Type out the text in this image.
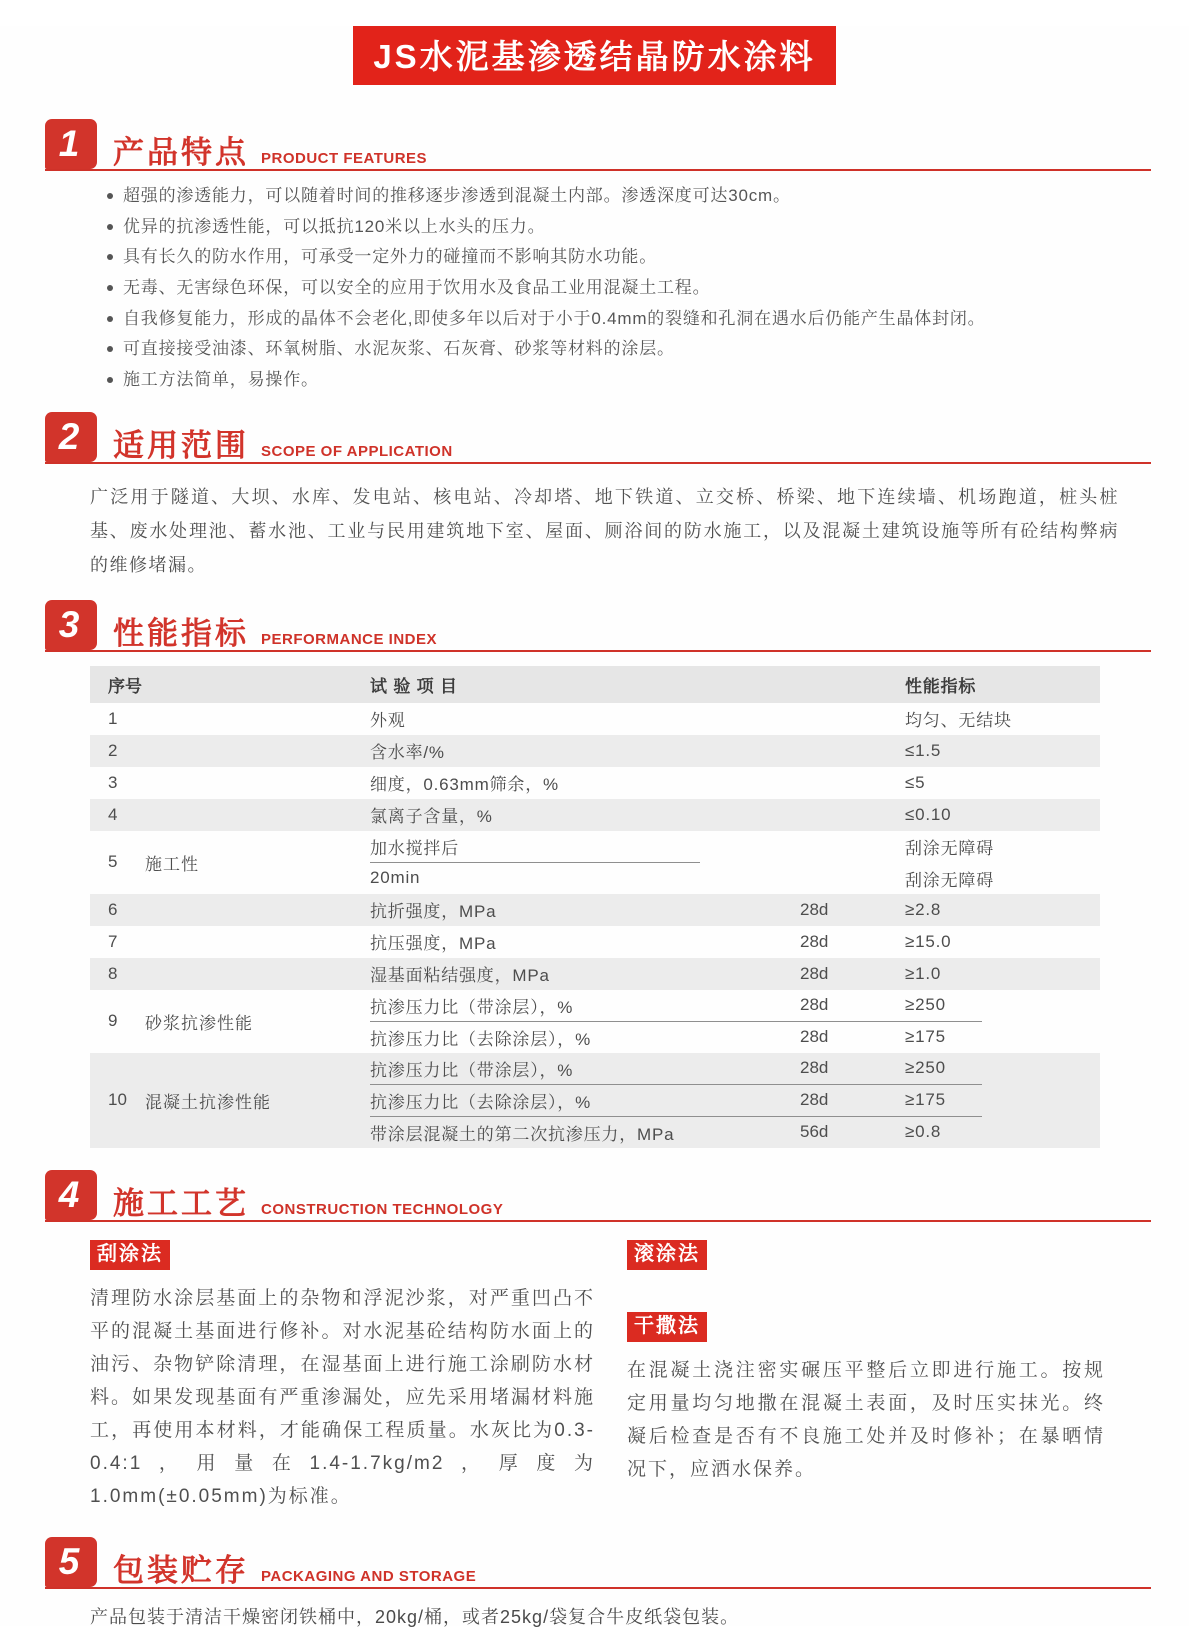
JS水泥基渗透结晶防水涂料
1	产品特点 PRODUCT FEATURES
超强的渗透能力，可以随着时间的推移逐步渗透到混凝土内部。渗透深度可达30cm。
优异的抗渗透性能，可以抵抗120米以上水头的压力。
具有长久的防水作用，可承受一定外力的碰撞而不影响其防水功能。
无毒、无害绿色环保，可以安全的应用于饮用水及食品工业用混凝土工程。
自我修复能力，形成的晶体不会老化,即使多年以后对于小于0.4mm的裂缝和孔洞在遇水后仍能产生晶体封闭。
可直接接受油漆、环氧树脂、水泥灰浆、石灰膏、砂浆等材料的涂层。
施工方法简单，易操作。
2	适用范围 SCOPE OF APPLICATION

广泛用于隧道、大坝、水库、发电站、核电站、冷却塔、地下铁道、立交桥、桥梁、地下连续墙、机场跑道，桩头桩基、废水处理池、蓄水池、工业与民用建筑地下室、屋面、厕浴间的防水施工，以及混凝土建筑设施等所有砼结构弊病的维修堵漏。

3	性能指标 PERFORMANCE INDEX
序号	试 验 项 目	性能指标
1	外观	均匀、无结块
2	含水率/%	≤1.5
3	细度，0.63mm筛余，%	≤5
4	氯离子含量，%	≤0.10
5	施工性
加水搅拌后	刮涂无障碍
20min	刮涂无障碍
6	抗折强度，MPa	28d	≥2.8
7	抗压强度，MPa	28d	≥15.0
8	湿基面粘结强度，MPa	28d	≥1.0
9	砂浆抗渗性能
抗渗压力比（带涂层），%	28d	≥250
抗渗压力比（去除涂层），%	28d	≥175
10	混凝土抗渗性能
抗渗压力比（带涂层），%	28d	≥250
抗渗压力比（去除涂层），%	28d	≥175
带涂层混凝土的第二次抗渗压力，MPa	56d	≥0.8
4	施工工艺 CONSTRUCTION TECHNOLOGY
刮涂法

清理防水涂层基面上的杂物和浮泥沙浆，对严重凹凸不平的混凝土基面进行修补。对水泥基砼结构防水面上的油污、杂物铲除清理，在湿基面上进行施工涂刷防水材料。如果发现基面有严重渗漏处，应先采用堵漏材料施工，再使用本材料，才能确保工程质量。水灰比为0.3-0.4:1，用量在1.4-1.7kg/m2，厚度为1.0mm(±0.05mm)为标准。

滚涂法
干撒法

在混凝土浇注密实碾压平整后立即进行施工。按规定用量均匀地撒在混凝土表面，及时压实抹光。终凝后检查是否有不良施工处并及时修补；在暴晒情况下，应洒水保养。

5	包装贮存 PACKAGING AND STORAGE

产品包装于清洁干燥密闭铁桶中，20kg/桶，或者25kg/袋复合牛皮纸袋包装。
